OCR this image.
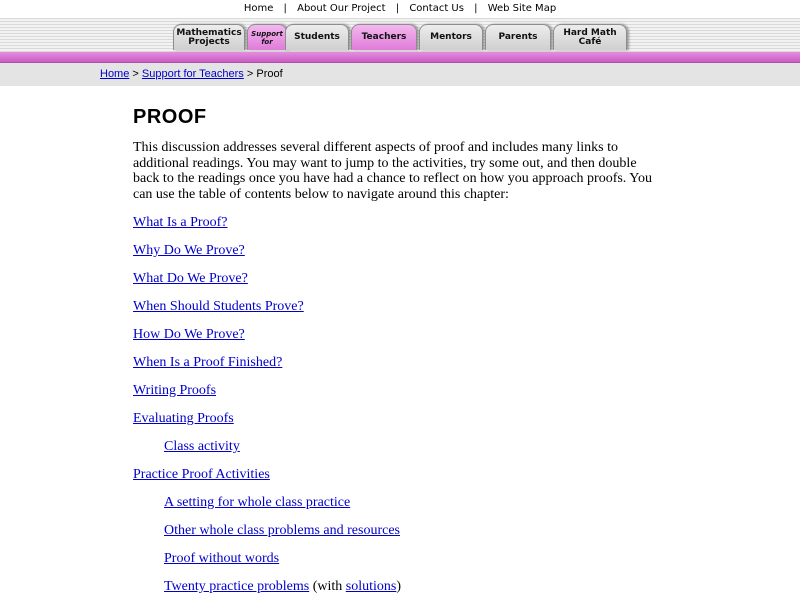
Home | About Our Project | Contact Us | Web Site Map
Mathematics
Projects
Support
for	Students Teachers	Mentors	Parents	Hard Math
Café
Home > Support for Teachers > Proof
PROOF

This discussion addresses several different aspects of proof and includes many links to additional readings. You may want to jump to the activities, try some out, and then double back to the readings once you have had a chance to reflect on how you approach proofs. You can use the table of contents below to navigate around this chapter:

What Is a Proof?
Why Do We Prove?
What Do We Prove?
When Should Students Prove?
How Do We Prove?
When Is a Proof Finished?
Writing Proofs
Evaluating Proofs
Class activity
Practice Proof Activities
A setting for whole class practice
Other whole class problems and resources
Proof without words
Twenty practice problems (with solutions)
